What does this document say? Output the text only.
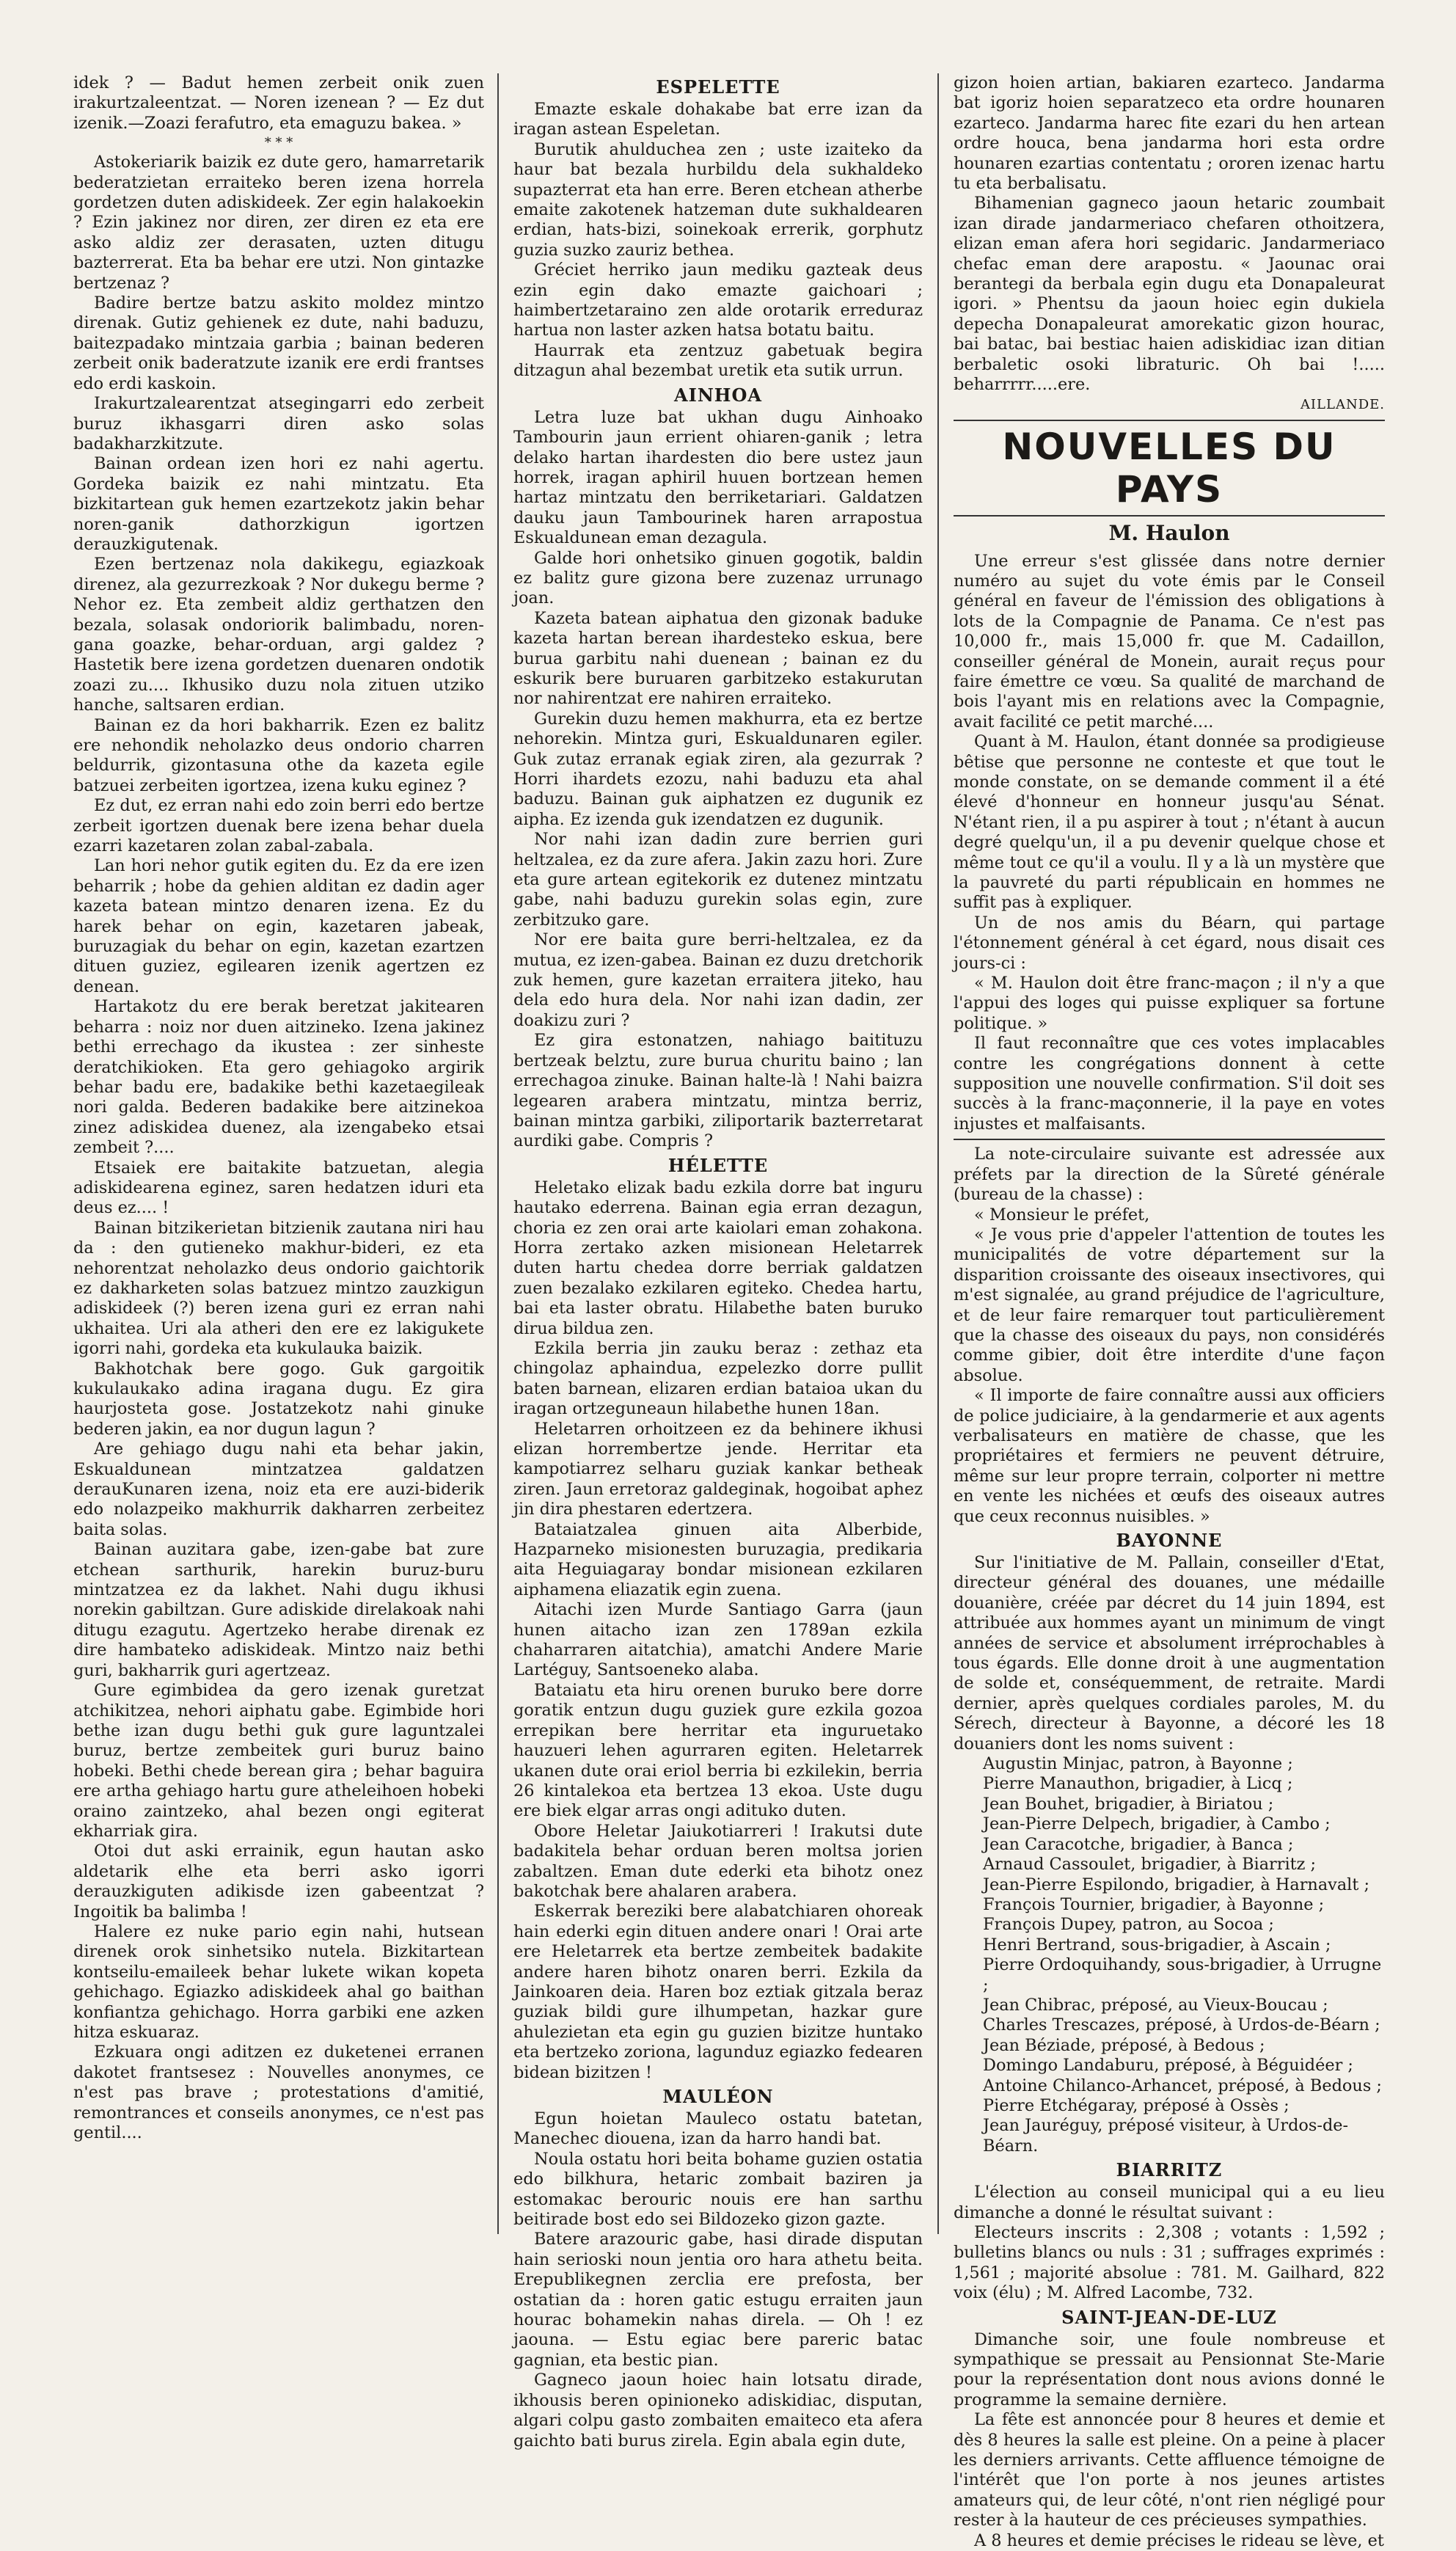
idek ? — Badut hemen zerbeit onik zuen irakurtzaleentzat. — Noren izenean ? — Ez dut izenik.—Zoazi ferafutro, eta emaguzu bakea. »

* * *

Astokeriarik baizik ez dute gero, hamarretarik bederatzietan erraiteko beren izena horrela gordetzen duten adiskideek. Zer egin halakoekin ? Ezin jakinez nor diren, zer diren ez eta ere asko aldiz zer derasaten, uzten ditugu bazterrerat. Eta ba behar ere utzi. Non gintazke bertzenaz ?

Badire bertze batzu askito moldez mintzo direnak. Gutiz gehienek ez dute, nahi baduzu, baitezpadako mintzaia garbia ; bainan bederen zerbeit onik baderatzute izanik ere erdi frantses edo erdi kaskoin.

Irakurtzalearentzat atsegingarri edo zerbeit buruz ikhasgarri diren asko solas badakharzkitzute.

Bainan ordean izen hori ez nahi agertu. Gordeka baizik ez nahi mintzatu. Eta bizkitartean guk hemen ezartzekotz jakin behar noren-ganik dathorzkigun igortzen derauzkigutenak.

Ezen bertzenaz nola dakikegu, egiazkoak direnez, ala gezurrezkoak ? Nor dukegu berme ? Nehor ez. Eta zembeit aldiz gerthatzen den bezala, solasak ondoriorik balimbadu, noren-gana goazke, behar-orduan, argi galdez ? Hastetik bere izena gordetzen duenaren ondotik zoazi zu.... Ikhusiko duzu nola zituen utziko hanche, saltsaren erdian.

Bainan ez da hori bakharrik. Ezen ez balitz ere nehondik neholazko deus ondorio charren beldurrik, gizontasuna othe da kazeta egile batzuei zerbeiten igortzea, izena kuku eginez ?

Ez dut, ez erran nahi edo zoin berri edo bertze zerbeit igortzen duenak bere izena behar duela ezarri kazetaren zolan zabal-zabala.

Lan hori nehor gutik egiten du. Ez da ere izen beharrik ; hobe da gehien alditan ez dadin ager kazeta batean mintzo denaren izena. Ez du harek behar on egin, kazetaren jabeak, buruzagiak du behar on egin, kazetan ezartzen dituen guziez, egilearen izenik agertzen ez denean.

Hartakotz du ere berak beretzat jakitearen beharra : noiz nor duen aitzineko. Izena jakinez bethi errechago da ikustea : zer sinheste deratchikioken. Eta gero gehiagoko argirik behar badu ere, badakike bethi kazetaegileak nori galda. Bederen badakike bere aitzinekoa zinez adiskidea duenez, ala izengabeko etsai zembeit ?....

Etsaiek ere baitakite batzuetan, alegia adiskidearena eginez, saren hedatzen iduri eta deus ez.... !

Bainan bitzikerietan bitzienik zautana niri hau da : den gutieneko makhur-bideri, ez eta nehorentzat neholazko deus ondorio gaichtorik ez dakharketen solas batzuez mintzo zauzkigun adiskideek (?) beren izena guri ez erran nahi ukhaitea. Uri ala atheri den ere ez lakigukete igorri nahi, gordeka eta kukulauka baizik.

Bakhotchak bere gogo. Guk gargoitik kukulaukako adina iragana dugu. Ez gira haurjosteta gose. Jostatzekotz nahi ginuke bederen jakin, ea nor dugun lagun ?

Are gehiago dugu nahi eta behar jakin, Eskualdunean mintzatzea galdatzen derauKunaren izena, noiz eta ere auzi-biderik edo nolazpeiko makhurrik dakharren zerbeitez baita solas.

Bainan auzitara gabe, izen-gabe bat zure etchean sarthurik, harekin buruz-buru mintzatzea ez da lakhet. Nahi dugu ikhusi norekin gabiltzan. Gure adiskide direlakoak nahi ditugu ezagutu. Agertzeko herabe direnak ez dire hambateko adiskideak. Mintzo naiz bethi guri, bakharrik guri agertzeaz.

Gure egimbidea da gero izenak guretzat atchikitzea, nehori aiphatu gabe. Egimbide hori bethe izan dugu bethi guk gure laguntzalei buruz, bertze zembeitek guri buruz baino hobeki. Bethi chede berean gira ; behar baguira ere artha gehiago hartu gure atheleihoen hobeki oraino zaintzeko, ahal bezen ongi egiterat ekharriak gira.

Otoi dut aski errainik, egun hautan asko aldetarik elhe eta berri asko igorri derauzkiguten adikisde izen gabeentzat ? Ingoitik ba balimba !

Halere ez nuke pario egin nahi, hutsean direnek orok sinhetsiko nutela. Bizkitartean kontseilu-emaileek behar lukete wikan kopeta gehichago. Egiazko adiskideek ahal go baithan konfiantza gehichago. Horra garbiki ene azken hitza eskuaraz.

Ezkuara ongi aditzen ez duketenei erranen dakotet frantsesez : Nouvelles anonymes, ce n'est pas brave ; protestations d'amitié, remontrances et conseils anonymes, ce n'est pas gentil....

ESPELETTE

Emazte eskale dohakabe bat erre izan da iragan astean Espeletan.

Burutik ahulduchea zen ; uste izaiteko da haur bat bezala hurbildu dela sukhaldeko supazterrat eta han erre. Beren etchean atherbe emaite zakotenek hatzeman dute sukhaldearen erdian, hats-bizi, soinekoak errerik, gorphutz guzia suzko zauriz bethea.

Gréciet herriko jaun mediku gazteak deus ezin egin dako emazte gaichoari ; haimbertzetaraino zen alde orotarik erreduraz hartua non laster azken hatsa botatu baitu.

Haurrak eta zentzuz gabetuak begira ditzagun ahal bezembat uretik eta sutik urrun.

AINHOA

Letra luze bat ukhan dugu Ainhoako Tambourin jaun errient ohiaren-ganik ; letra delako hartan ihardesten dio bere ustez jaun horrek, iragan aphiril huuen bortzean hemen hartaz mintzatu den berriketariari. Galdatzen dauku jaun Tambourinek haren arrapostua Eskualdunean eman dezagula.

Galde hori onhetsiko ginuen gogotik, baldin ez balitz gure gizona bere zuzenaz urrunago joan.

Kazeta batean aiphatua den gizonak baduke kazeta hartan berean ihardesteko eskua, bere burua garbitu nahi duenean ; bainan ez du eskurik bere buruaren garbitzeko estakurutan nor nahirentzat ere nahiren erraiteko.

Gurekin duzu hemen makhurra, eta ez bertze nehorekin. Mintza guri, Eskualdunaren egiler. Guk zutaz erranak egiak ziren, ala gezurrak ? Horri ihardets ezozu, nahi baduzu eta ahal baduzu. Bainan guk aiphatzen ez dugunik ez aipha. Ez izenda guk izendatzen ez dugunik.

Nor nahi izan dadin zure berrien guri heltzalea, ez da zure afera. Jakin zazu hori. Zure eta gure artean egitekorik ez dutenez mintzatu gabe, nahi baduzu gurekin solas egin, zure zerbitzuko gare.

Nor ere baita gure berri-heltzalea, ez da mutua, ez izen-gabea. Bainan ez duzu dretchorik zuk hemen, gure kazetan erraitera jiteko, hau dela edo hura dela. Nor nahi izan dadin, zer doakizu zuri ?

Ez gira estonatzen, nahiago baitituzu bertzeak belztu, zure burua churitu baino ; lan errechagoa zinuke. Bainan halte-là ! Nahi baizra legearen arabera mintzatu, mintza berriz, bainan mintza garbiki, ziliportarik bazterretarat aurdiki gabe. Compris ?

HÉLETTE

Heletako elizak badu ezkila dorre bat inguru hautako ederrena. Bainan egia erran dezagun, choria ez zen orai arte kaiolari eman zohakona. Horra zertako azken misionean Heletarrek duten hartu chedea dorre berriak galdatzen zuen bezalako ezkilaren egiteko. Chedea hartu, bai eta laster obratu. Hilabethe baten buruko dirua bildua zen.

Ezkila berria jin zauku beraz : zethaz eta chingolaz aphaindua, ezpelezko dorre pullit baten barnean, elizaren erdian bataioa ukan du iragan ortzeguneaun hilabethe hunen 18an.

Heletarren orhoitzeen ez da behinere ikhusi elizan horrembertze jende. Herritar eta kampotiarrez selharu guziak kankar betheak ziren. Jaun erretoraz galdeginak, hogoibat aphez jin dira phestaren edertzera.

Bataiatzalea ginuen aita Alberbide, Hazparneko misionesten buruzagia, predikaria aita Heguiagaray bondar misionean ezkilaren aiphamena eliazatik egin zuena.

Aitachi izen Murde Santiago Garra (jaun hunen aitacho izan zen 1789an ezkila chaharraren aitatchia), amatchi Andere Marie Lartéguy, Santsoeneko alaba.

Bataiatu eta hiru orenen buruko bere dorre goratik entzun dugu guziek gure ezkila gozoa errepikan bere herritar eta inguruetako hauzueri lehen agurraren egiten. Heletarrek ukanen dute orai eriol berria bi ezkilekin, berria 26 kintalekoa eta bertzea 13 ekoa. Uste dugu ere biek elgar arras ongi adituko duten.

Obore Heletar Jaiukotiarreri ! Irakutsi dute badakitela behar orduan beren moltsa jorien zabaltzen. Eman dute ederki eta bihotz onez bakotchak bere ahalaren arabera.

Eskerrak bereziki bere alabatchiaren ohoreak hain ederki egin dituen andere onari ! Orai arte ere Heletarrek eta bertze zembeitek badakite andere haren bihotz onaren berri. Ezkila da Jainkoaren deia. Haren boz eztiak gitzala beraz guziak bildi gure ilhumpetan, hazkar gure ahulezietan eta egin gu guzien bizitze huntako eta bertzeko zoriona, lagunduz egiazko fedearen bidean bizitzen !

MAULÉON

Egun hoietan Mauleco ostatu batetan, Manechec diouena, izan da harro handi bat.

Noula ostatu hori beita bohame guzien ostatia edo bilkhura, hetaric zombait baziren ja estomakac berouric nouis ere han sarthu beitirade bost edo sei Bildozeko gizon gazte.

Batere arazouric gabe, hasi dirade disputan hain serioski noun jentia oro hara athetu beita. Erepublikegnen zerclia ere prefosta, ber ostatian da : horen gatic estugu erraiten jaun hourac bohamekin nahas direla. — Oh ! ez jaouna. — Estu egiac bere pareric batac gagnian, eta bestic pian.

Gagneco jaoun hoiec hain lotsatu dirade, ikhousis beren opinioneko adiskidiac, disputan, algari colpu gasto zombaiten emaiteco eta afera gaichto bati burus zirela. Egin abala egin dute,

gizon hoien artian, bakiaren ezarteco. Jandarma bat igoriz hoien separatzeco eta ordre hounaren ezarteco. Jandarma harec fite ezari du hen artean ordre houca, bena jandarma hori esta ordre hounaren ezartias contentatu ; ororen izenac hartu tu eta berbalisatu.

Bihamenian gagneco jaoun hetaric zoumbait izan dirade jandarmeriaco chefaren othoitzera, elizan eman afera hori segidaric. Jandarmeriaco chefac eman dere arapostu. « Jaounac orai berantegi da berbala egin dugu eta Donapaleurat igori. » Phentsu da jaoun hoiec egin dukiela depecha Donapaleurat amorekatic gizon hourac, bai batac, bai bestiac haien adiskidiac izan ditian berbaletic osoki libraturic. Oh bai !..... beharrrrr.....ere.

AILLANDE.
NOUVELLES DU PAYS
M. Haulon

Une erreur s'est glissée dans notre dernier numéro au sujet du vote émis par le Conseil général en faveur de l'émission des obligations à lots de la Compagnie de Panama. Ce n'est pas 10,000 fr., mais 15,000 fr. que M. Cadaillon, conseiller général de Monein, aurait reçus pour faire émettre ce vœu. Sa qualité de marchand de bois l'ayant mis en relations avec la Compagnie, avait facilité ce petit marché....

Quant à M. Haulon, étant donnée sa prodigieuse bêtise que personne ne conteste et que tout le monde constate, on se demande comment il a été élevé d'honneur en honneur jusqu'au Sénat. N'étant rien, il a pu aspirer à tout ; n'étant à aucun degré quelqu'un, il a pu devenir quelque chose et même tout ce qu'il a voulu. Il y a là un mystère que la pauvreté du parti républicain en hommes ne suffit pas à expliquer.

Un de nos amis du Béarn, qui partage l'étonnement général à cet égard, nous disait ces jours-ci :

« M. Haulon doit être franc-maçon ; il n'y a que l'appui des loges qui puisse expliquer sa fortune politique. »

Il faut reconnaître que ces votes implacables contre les congrégations donnent à cette supposition une nouvelle confirmation. S'il doit ses succès à la franc-maçonnerie, il la paye en votes injustes et malfaisants.

La note-circulaire suivante est adressée aux préfets par la direction de la Sûreté générale (bureau de la chasse) :

« Monsieur le préfet,

« Je vous prie d'appeler l'attention de toutes les municipalités de votre département sur la disparition croissante des oiseaux insectivores, qui m'est signalée, au grand préjudice de l'agriculture, et de leur faire remarquer tout particulièrement que la chasse des oiseaux du pays, non considérés comme gibier, doit être interdite d'une façon absolue.

« Il importe de faire connaître aussi aux officiers de police judiciaire, à la gendarmerie et aux agents verbalisateurs en matière de chasse, que les propriétaires et fermiers ne peuvent détruire, même sur leur propre terrain, colporter ni mettre en vente les nichées et œufs des oiseaux autres que ceux reconnus nuisibles. »

BAYONNE

Sur l'initiative de M. Pallain, conseiller d'Etat, directeur général des douanes, une médaille douanière, créée par décret du 14 juin 1894, est attribuée aux hommes ayant un minimum de vingt années de service et absolument irréprochables à tous égards. Elle donne droit à une augmentation de solde et, conséquemment, de retraite. Mardi dernier, après quelques cordiales paroles, M. du Sérech, directeur à Bayonne, a décoré les 18 douaniers dont les noms suivent :

Augustin Minjac, patron, à Bayonne ;

Pierre Manauthon, brigadier, à Licq ;

Jean Bouhet, brigadier, à Biriatou ;

Jean-Pierre Delpech, brigadier, à Cambo ;

Jean Caracotche, brigadier, à Banca ;

Arnaud Cassoulet, brigadier, à Biarritz ;

Jean-Pierre Espilondo, brigadier, à Harnavalt ;

François Tournier, brigadier, à Bayonne ;

François Dupey, patron, au Socoa ;

Henri Bertrand, sous-brigadier, à Ascain ;

Pierre Ordoquihandy, sous-brigadier, à Urrugne ;

Jean Chibrac, préposé, au Vieux-Boucau ;

Charles Trescazes, préposé, à Urdos-de-Béarn ;

Jean Béziade, préposé, à Bedous ;

Domingo Landaburu, préposé, à Béguidéer ;

Antoine Chilanco-Arhancet, préposé, à Bedous ;

Pierre Etchégaray, préposé à Ossès ;

Jean Jauréguy, préposé visiteur, à Urdos-de-Béarn.

BIARRITZ

L'élection au conseil municipal qui a eu lieu dimanche a donné le résultat suivant :

Electeurs inscrits : 2,308 ; votants : 1,592 ; bulletins blancs ou nuls : 31 ; suffrages exprimés : 1,561 ; majorité absolue : 781. M. Gailhard, 822 voix (élu) ; M. Alfred Lacombe, 732.

SAINT-JEAN-DE-LUZ

Dimanche soir, une foule nombreuse et sympathique se pressait au Pensionnat Ste-Marie pour la représentation dont nous avions donné le programme la semaine dernière.

La fête est annoncée pour 8 heures et demie et dès 8 heures la salle est pleine. On a peine à placer les derniers arrivants. Cette affluence témoigne de l'intérêt que l'on porte à nos jeunes artistes amateurs qui, de leur côté, n'ont rien négligé pour rester à la hauteur de ces précieuses sympathies.

A 8 heures et demie précises le rideau se lève, et
